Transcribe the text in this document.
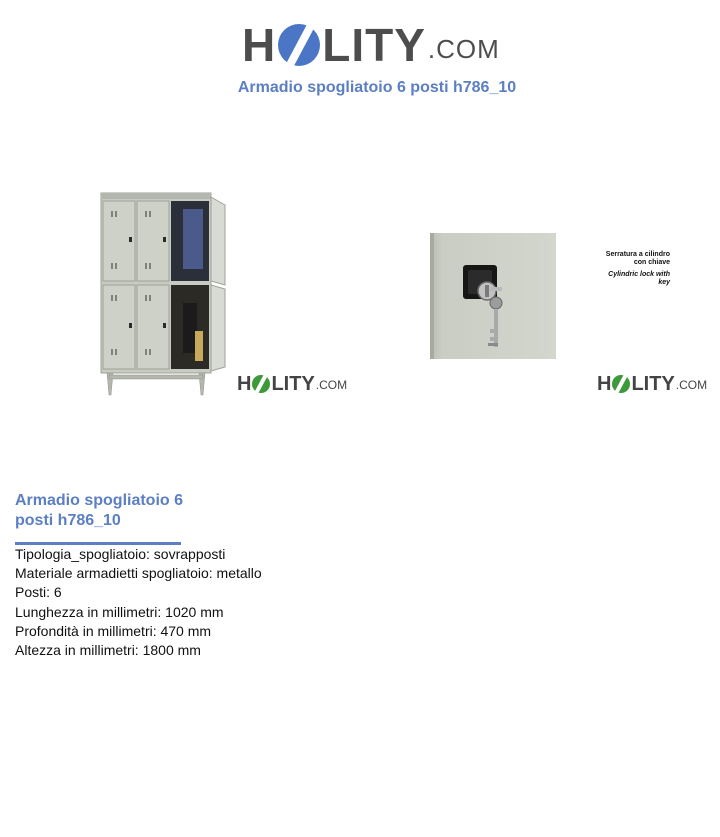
H LITY .COM
Armadio spogliatoio 6 posti h786_10
H LITY .COM
Serratura a cilindro
con chiave
Cylindric lock with
key
H LITY .COM
Armadio spogliatoio 6
posti h786_10
Tipologia_spogliatoio: sovrapposti
Materiale armadietti spogliatoio: metallo
Posti: 6
Lunghezza in millimetri: 1020 mm
Profondità in millimetri: 470 mm
Altezza in millimetri: 1800 mm
